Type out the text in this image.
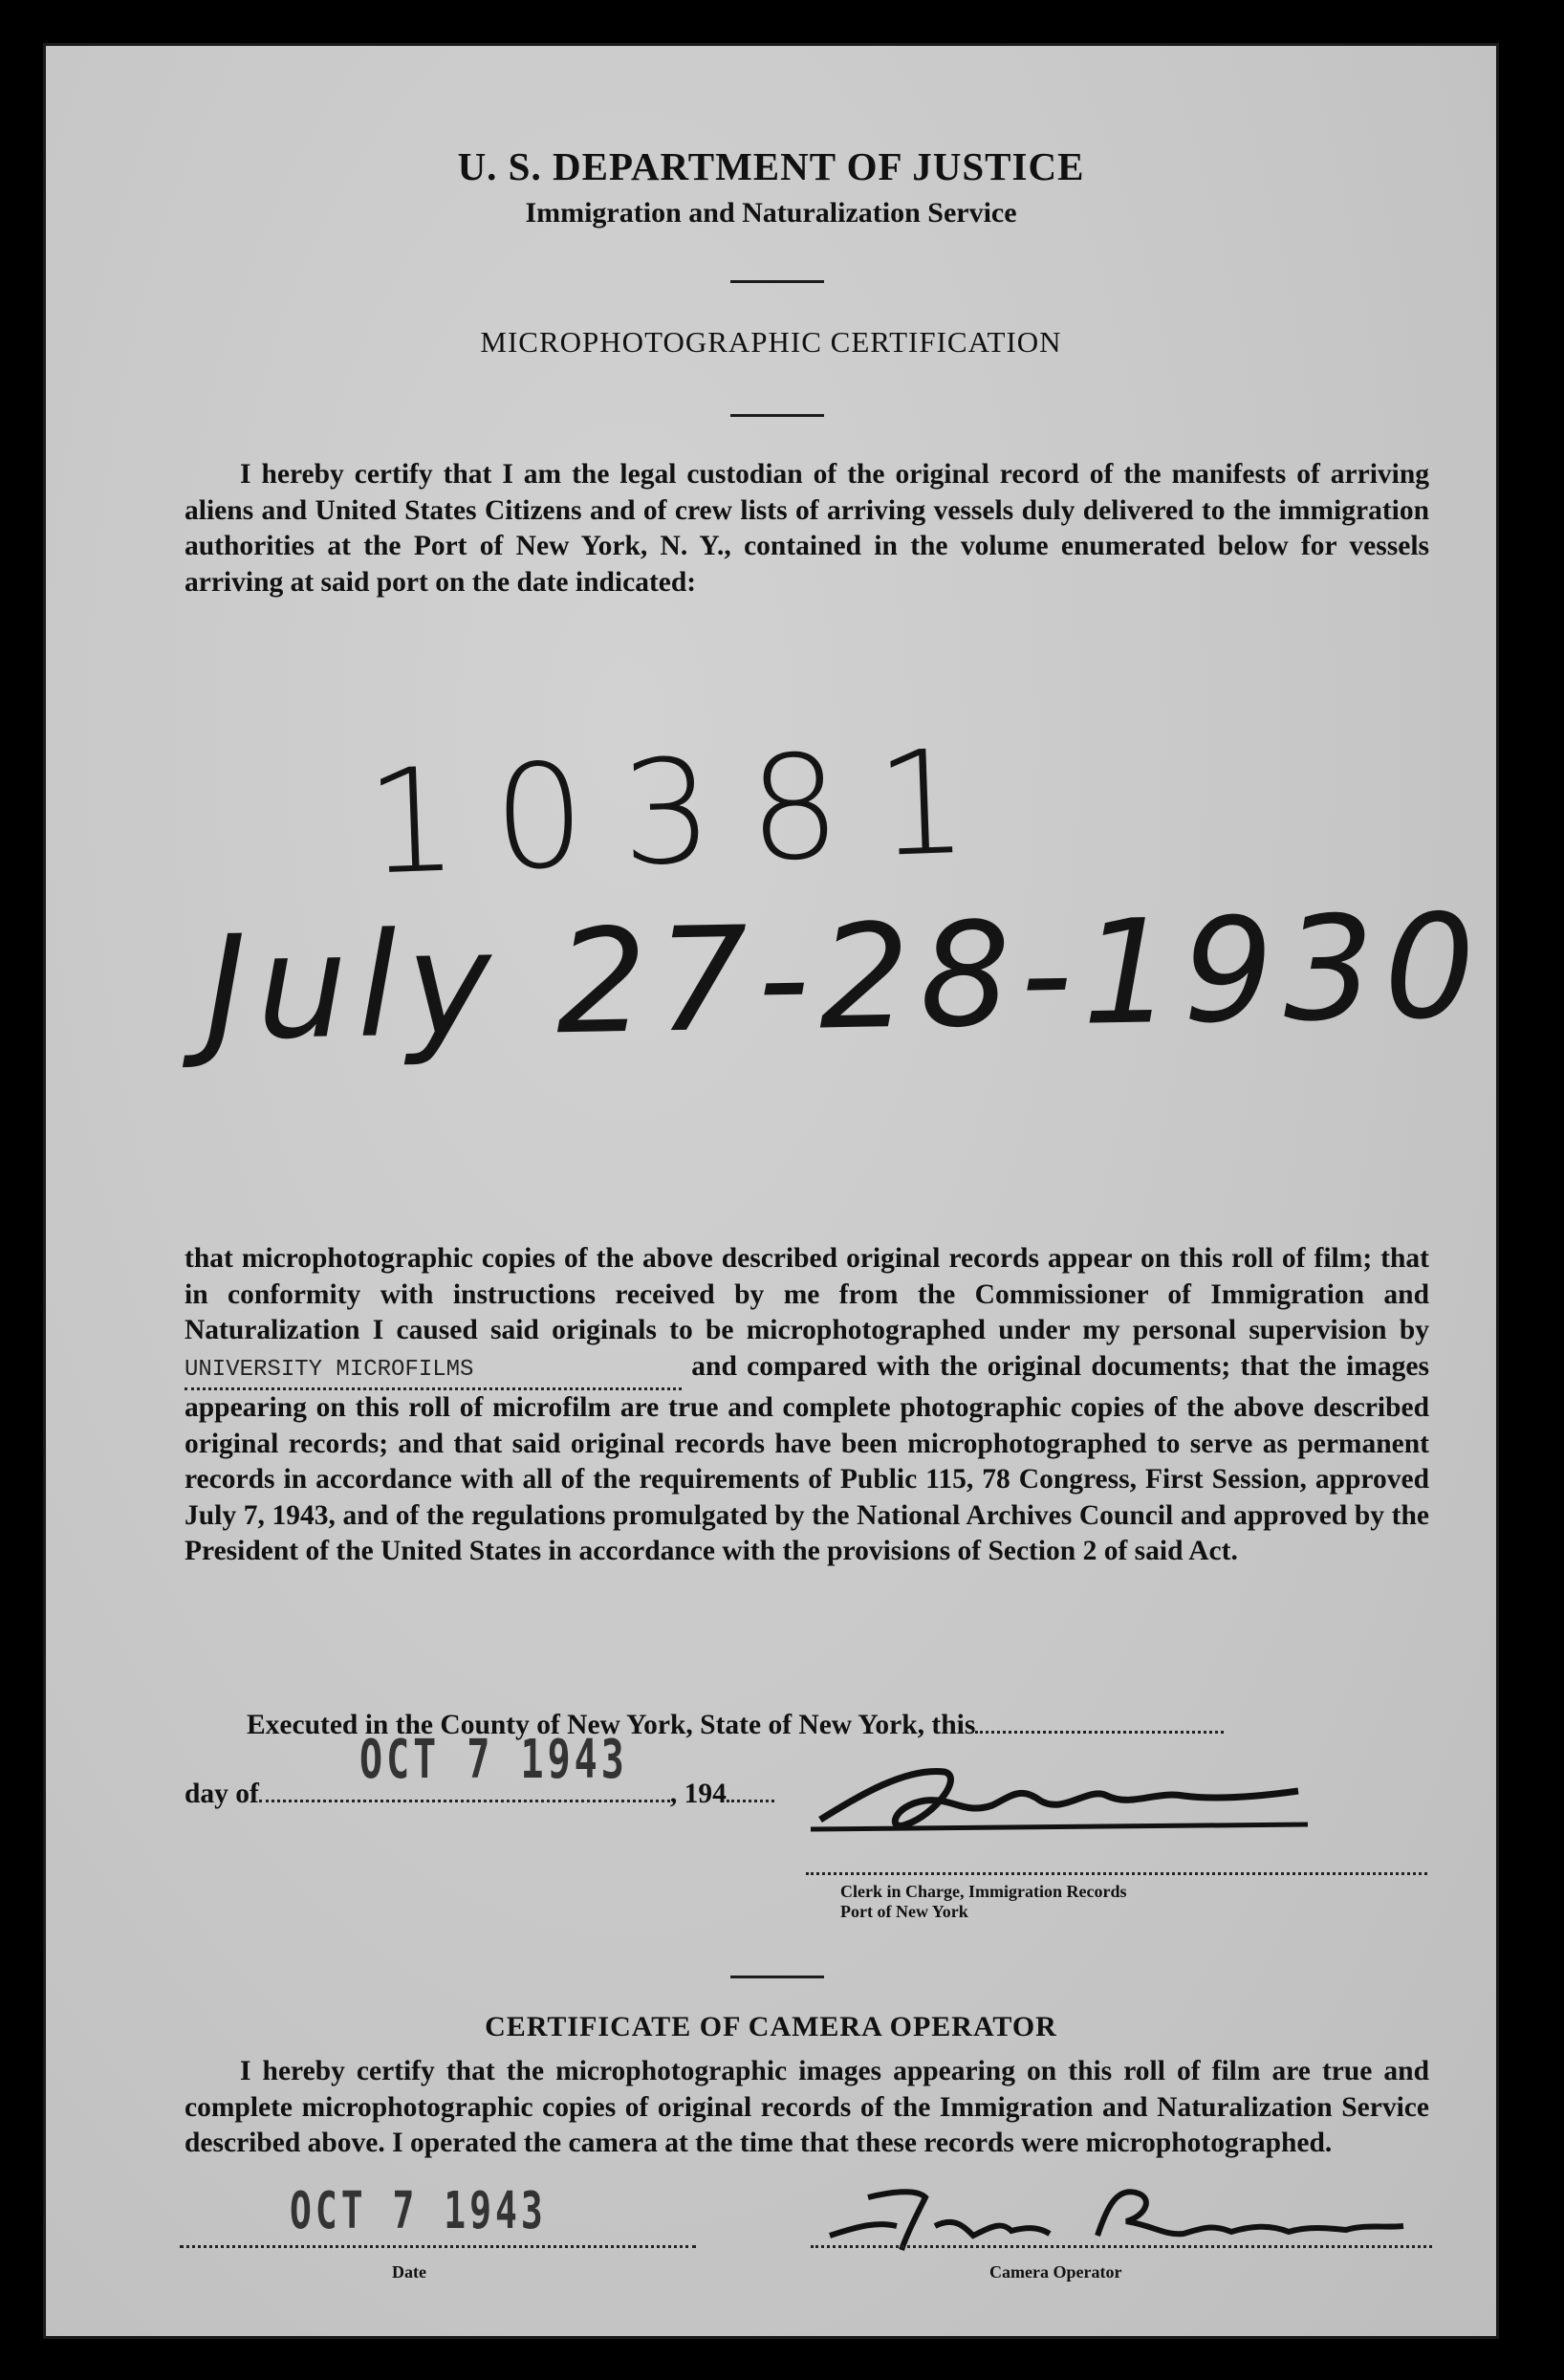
U. S. DEPARTMENT OF JUSTICE
Immigration and Naturalization Service
MICROPHOTOGRAPHIC CERTIFICATION
I hereby certify that I am the legal custodian of the original record of the manifests of arriving aliens and United States Citizens and of crew lists of arriving vessels duly delivered to the immigration authorities at the Port of New York, N. Y., contained in the volume enumerated below for vessels arriving at said port on the date indicated:
10381
July 27-28-1930
that microphotographic copies of the above described original records appear on this roll of film; that in conformity with instructions received by me from the Commissioner of Immigration and Naturalization I caused said originals to be microphotographed under my personal supervision by UNIVERSITY MICROFILMS	and compared with the original documents; that the images appearing on this roll of microfilm are true and complete photographic copies of the above described original records; and that said original records have been microphotographed to serve as permanent records in accordance with all of the requirements of Public 115, 78 Congress, First Session, approved July 7, 1943, and of the regulations promulgated by the National Archives Council and approved by the President of the United States in accordance with the provisions of Section 2 of said Act.
Executed in the County of New York, State of New York, this
OCT 7 1943
day of	, 194
Clerk in Charge, Immigration Records
Port of New York
CERTIFICATE OF CAMERA OPERATOR
I hereby certify that the microphotographic images appearing on this roll of film are true and complete microphotographic copies of original records of the Immigration and Naturalization Service described above. I operated the camera at the time that these records were microphotographed.
OCT 7 1943
Date	Camera Operator
